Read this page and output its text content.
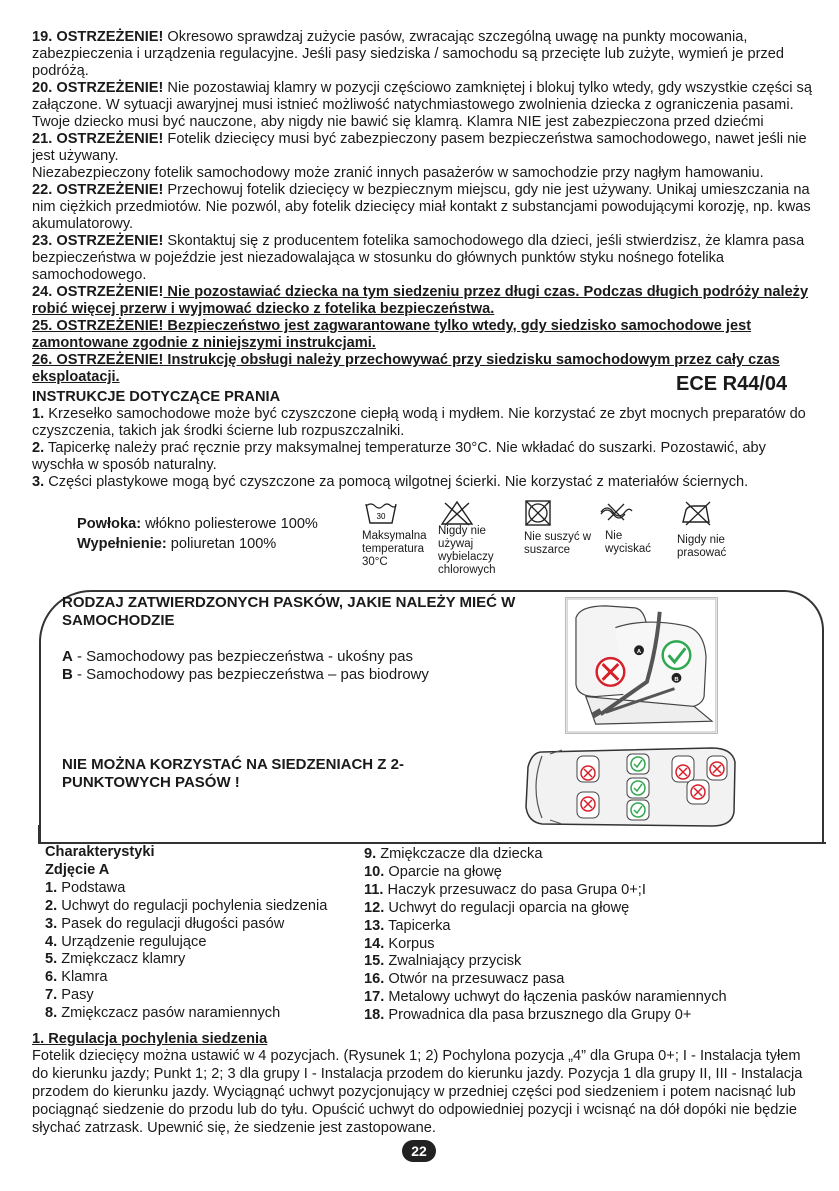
19. OSTRZEŻENIE! Okresowo sprawdzaj zużycie pasów, zwracając szczególną uwagę na punkty mocowania, zabezpieczenia i urządzenia regulacyjne. Jeśli pasy siedziska / samochodu są przecięte lub zużyte, wymień je przed podróżą.

20. OSTRZEŻENIE! Nie pozostawiaj klamry w pozycji częściowo zamkniętej i blokuj tylko wtedy, gdy wszystkie części są załączone. W sytuacji awaryjnej musi istnieć możliwość natychmiastowego zwolnienia dziecka z ograniczenia pasami. Twoje dziecko musi być nauczone, aby nigdy nie bawić się klamrą. Klamra NIE jest zabezpieczona przed dziećmi

21. OSTRZEŻENIE! Fotelik dziecięcy musi być zabezpieczony pasem bezpieczeństwa samochodowego, nawet jeśli nie jest używany.

Niezabezpieczony fotelik samochodowy może zranić innych pasażerów w samochodzie przy nagłym hamowaniu.

22. OSTRZEŻENIE! Przechowuj fotelik dziecięcy w bezpiecznym miejscu, gdy nie jest używany. Unikaj umieszczania na nim ciężkich przedmiotów. Nie pozwól, aby fotelik dziecięcy miał kontakt z substancjami powodującymi korozję, np. kwas akumulatorowy.

23. OSTRZEŻENIE! Skontaktuj się z producentem fotelika samochodowego dla dzieci, jeśli stwierdzisz, że klamra pasa bezpieczeństwa w pojeździe jest niezadowalająca w stosunku do głównych punktów styku nośnego fotelika samochodowego.

24. OSTRZEŻENIE! Nie pozostawiać dziecka na tym siedzeniu przez długi czas. Podczas długich podróży należy robić więcej przerw i wyjmować dziecko z fotelika bezpieczeństwa.

25. OSTRZEŻENIE! Bezpieczeństwo jest zagwarantowane tylko wtedy, gdy siedzisko samochodowe jest zamontowane zgodnie z niniejszymi instrukcjami.

26. OSTRZEŻENIE! Instrukcję obsługi należy przechowywać przy siedzisku samochodowym przez cały czas eksploatacji.	ECE R44/04
INSTRUKCJE DOTYCZĄCE PRANIA

1. Krzesełko samochodowe może być czyszczone ciepłą wodą i mydłem. Nie korzystać ze zbyt mocnych preparatów do czyszczenia, takich jak środki ścierne lub rozpuszczalniki.

2. Tapicerkę należy prać ręcznie przy maksymalnej temperaturze 30°C. Nie wkładać do suszarki. Pozostawić, aby wyschła w sposób naturalny.

3. Części plastykowe mogą być czyszczone za pomocą wilgotnej ścierki. Nie korzystać z materiałów ściernych.

Powłoka: włókno poliesterowe 100%
Wypełnienie: poliuretan 100%
30
Maksymalna temperatura 30°C
Nigdy nie używaj wybielaczy chlorowych
Nie suszyć w suszarce
Nie wyciskać
Nigdy nie prasować
RODZAJ ZATWIERDZONYCH PASKÓW, JAKIE NALEŻY MIEĆ W SAMOCHODZIE
A - Samochodowy pas bezpieczeństwa - ukośny pas
B - Samochodowy pas bezpieczeństwa – pas biodrowy
NIE MOŻNA KORZYSTAĆ NA SIEDZENIACH Z 2-PUNKTOWYCH PASÓW !
A
B
Charakterystyki
Zdjęcie A
1. Podstawa
2. Uchwyt do regulacji pochylenia siedzenia
3. Pasek do regulacji długości pasów
4. Urządzenie regulujące
5. Zmiękczacz klamry
6. Klamra
7. Pasy
8. Zmiękczacz pasów naramiennych
9. Zmiękczacze dla dziecka
10. Oparcie na głowę
11. Haczyk przesuwacz do pasa Grupa 0+;I
12. Uchwyt do regulacji oparcia na głowę
13. Tapicerka
14. Korpus
15. Zwalniający przycisk
16. Otwór na przesuwacz pasa
17. Metalowy uchwyt do łączenia pasków naramiennych
18. Prowadnica dla pasa brzusznego dla Grupy 0+
1. Regulacja pochylenia siedzenia
Fotelik dziecięcy można ustawić w 4 pozycjach. (Rysunek 1; 2) Pochylona pozycja „4” dla Grupa 0+; I - Instalacja tyłem do kierunku jazdy; Punkt 1; 2; 3 dla grupy I - Instalacja przodem do kierunku jazdy. Pozycja 1 dla grupy II, III - Instalacja przodem do kierunku jazdy. Wyciągnąć uchwyt pozycjonujący w przedniej części pod siedzeniem i potem nacisnąć lub pociągnąć siedzenie do przodu lub do tyłu. Opuścić uchwyt do odpowiedniej pozycji i wcisnąć na dół dopóki nie będzie słychać zatrzask. Upewnić się, że siedzenie jest zastopowane.
22
